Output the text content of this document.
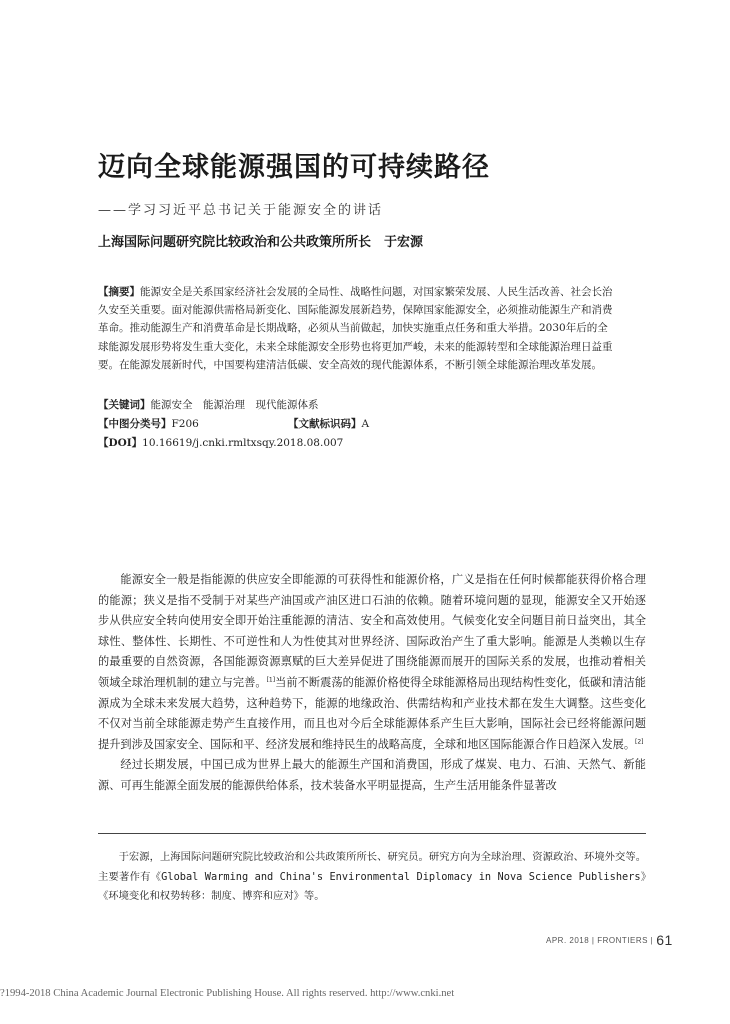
迈向全球能源强国的可持续路径
——学习习近平总书记关于能源安全的讲话
上海国际问题研究院比较政治和公共政策所所长　于宏源
【摘要】能源安全是关系国家经济社会发展的全局性、战略性问题，对国家繁荣发展、人民生活改善、社会长治久安至关重要。面对能源供需格局新变化、国际能源发展新趋势，保障国家能源安全，必须推动能源生产和消费革命。推动能源生产和消费革命是长期战略，必须从当前做起，加快实施重点任务和重大举措。2030年后的全球能源发展形势将发生重大变化，未来全球能源安全形势也将更加严峻，未来的能源转型和全球能源治理日益重要。在能源发展新时代，中国要构建清洁低碳、安全高效的现代能源体系，不断引领全球能源治理改革发展。
【关键词】能源安全　能源治理　现代能源体系
【中图分类号】F206	【文献标识码】A
【DOI】10.16619/j.cnki.rmltxsqy.2018.08.007

能源安全一般是指能源的供应安全即能源的可获得性和能源价格，广义是指在任何时候都能获得价格合理的能源；狭义是指不受制于对某些产油国或产油区进口石油的依赖。随着环境问题的显现，能源安全又开始逐步从供应安全转向使用安全即开始注重能源的清洁、安全和高效使用。气候变化安全问题目前日益突出，其全球性、整体性、长期性、不可逆性和人为性使其对世界经济、国际政治产生了重大影响。能源是人类赖以生存的最重要的自然资源，各国能源资源禀赋的巨大差异促进了围绕能源而展开的国际关系的发展，也推动着相关领域全球治理机制的建立与完善。[1]当前不断震荡的能源价格使得全球能源格局出现结构性变化，低碳和清洁能源成为全球未来发展大趋势，这种趋势下，能源的地缘政治、供需结构和产业技术都在发生大调整。这些变化不仅对当前全球能源走势产生直接作用，而且也对今后全球能源体系产生巨大影响，国际社会已经将能源问题提升到涉及国家安全、国际和平、经济发展和维持民生的战略高度，全球和地区国际能源合作日趋深入发展。[2]

经过长期发展，中国已成为世界上最大的能源生产国和消费国，形成了煤炭、电力、石油、天然气、新能源、可再生能源全面发展的能源供给体系，技术装备水平明显提高，生产生活用能条件显著改

于宏源，上海国际问题研究院比较政治和公共政策所所长、研究员。研究方向为全球治理、资源政治、环境外交等。主要著作有《Global Warming and China's Environmental Diplomacy in Nova Science Publishers》《环境变化和权势转移：制度、博弈和应对》等。

APR. 2018 | FRONTIERS | 61
?1994-2018 China Academic Journal Electronic Publishing House. All rights reserved. http://www.cnki.net
